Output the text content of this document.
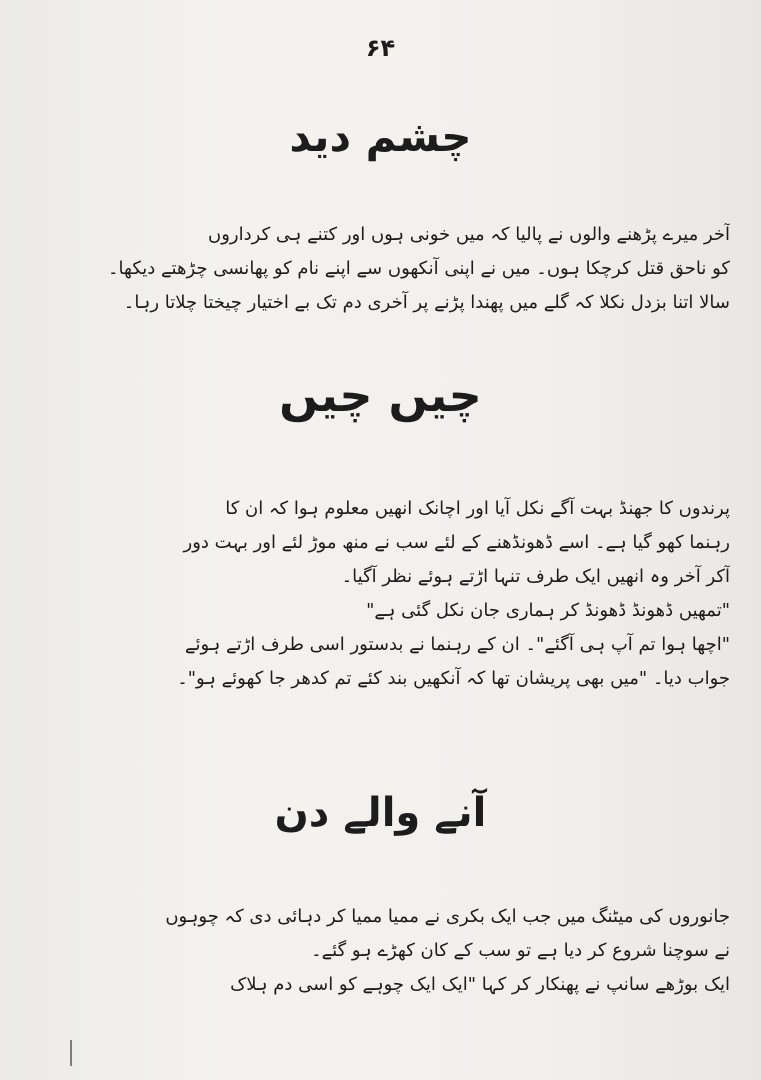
۶۴
چشم دید
آخر میرے پڑھنے والوں نے پالیا کہ میں خونی ہوں اور کتنے ہی کرداروں
کو ناحق قتل کرچکا ہوں۔ میں نے اپنی آنکھوں سے اپنے نام کو پھانسی چڑھتے دیکھا۔
سالا اتنا بزدل نکلا کہ گلے میں پھندا پڑنے پر آخری دم تک بے اختیار چیختا چلاتا رہا۔
چیں چیں
پرندوں کا جھنڈ بہت آگے نکل آیا اور اچانک انھیں معلوم ہوا کہ ان کا
رہنما کھو گیا ہے۔ اسے ڈھونڈھنے کے لئے سب نے منھ موڑ لئے اور بہت دور
آکر آخر وہ انھیں ایک طرف تنہا اڑتے ہوئے نظر آگیا۔
"تمھیں ڈھونڈ ڈھونڈ کر ہماری جان نکل گئی ہے"
"اچھا ہوا تم آپ ہی آگئے"۔ ان کے رہنما نے بدستور اسی طرف اڑتے ہوئے
جواب دیا۔ "میں بھی پریشان تھا کہ آنکھیں بند کئے تم کدھر جا کھوئے ہو"۔
آنے والے دن
جانوروں کی میٹنگ میں جب ایک بکری نے ممیا ممیا کر دہائی دی کہ چوہوں
نے سوچنا شروع کر دیا ہے تو سب کے کان کھڑے ہو گئے۔
ایک بوڑھے سانپ نے پھنکار کر کہا "ایک ایک چوہے کو اسی دم ہلاک
